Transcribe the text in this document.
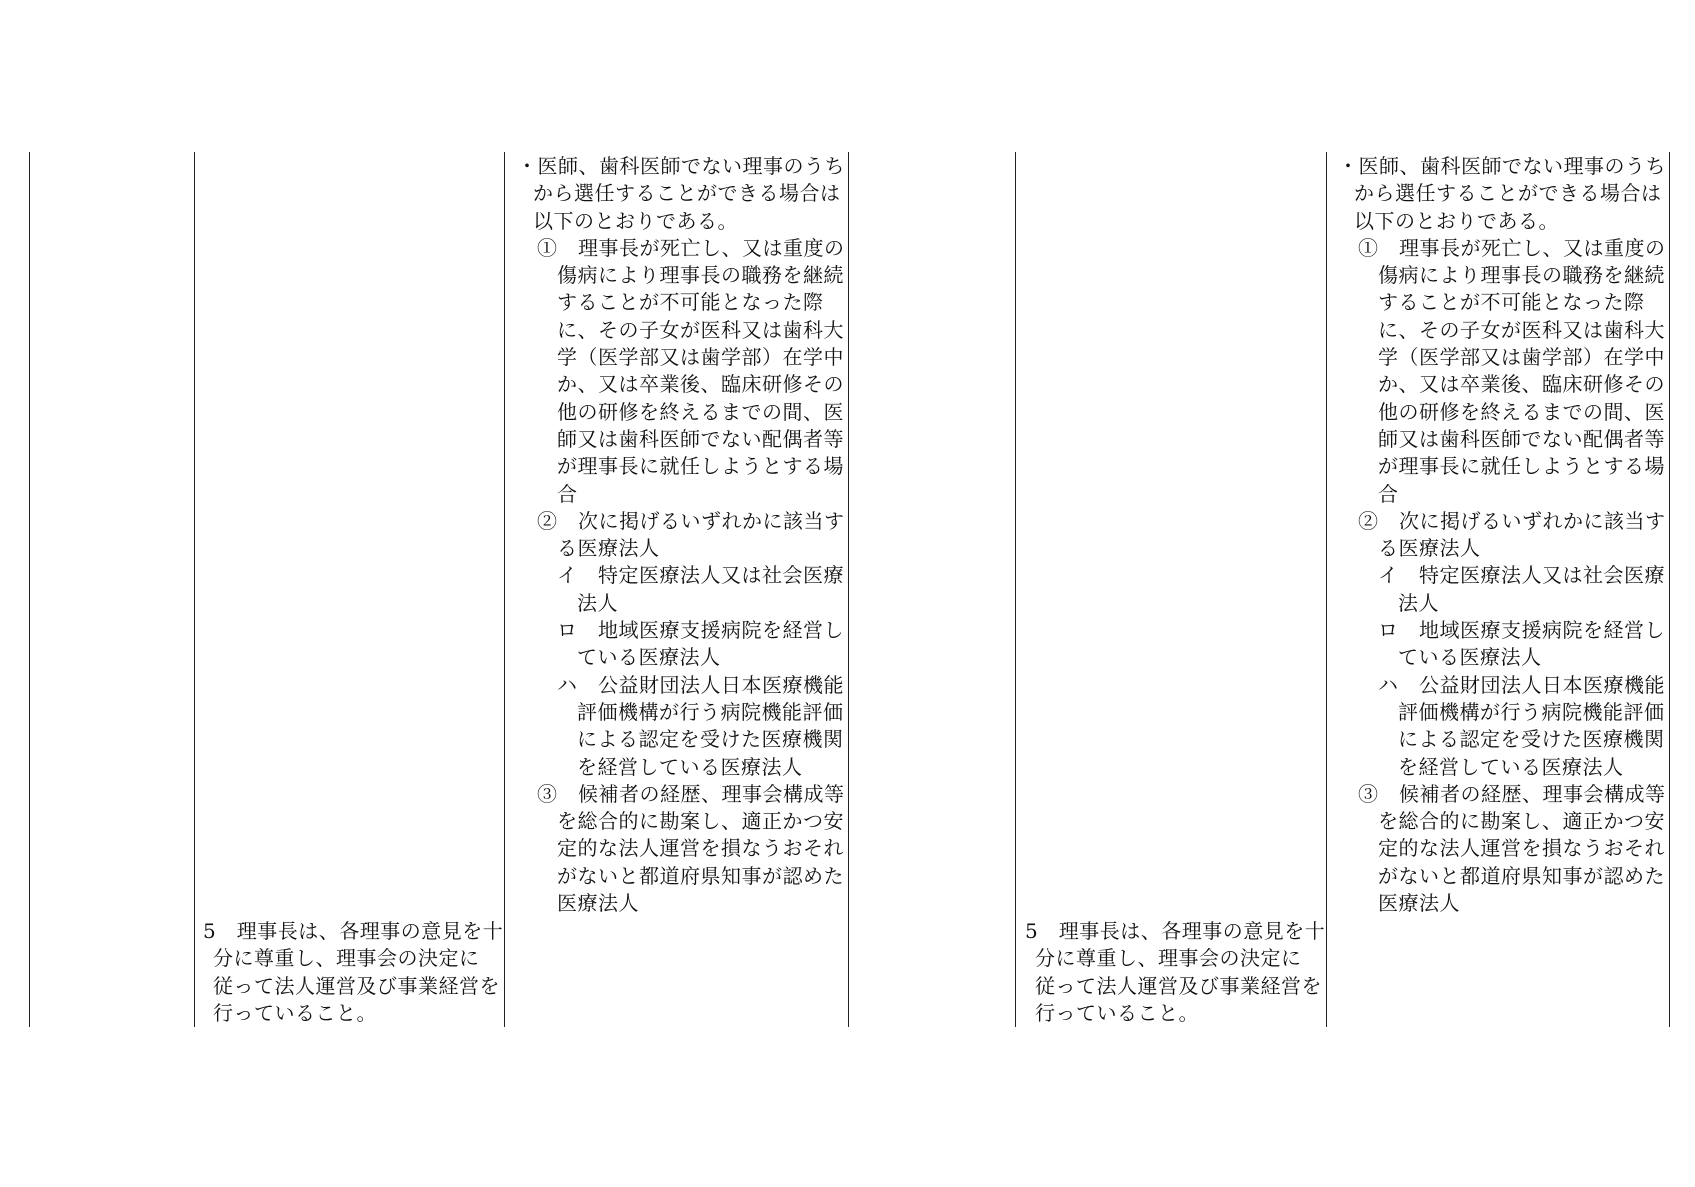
・医師、歯科医師でない理事のうち
から選任することができる場合は
以下のとおりである。
①　理事長が死亡し、又は重度の
傷病により理事長の職務を継続
することが不可能となった際
に、その子女が医科又は歯科大
学（医学部又は歯学部）在学中
か、又は卒業後、臨床研修その
他の研修を終えるまでの間、医
師又は歯科医師でない配偶者等
が理事長に就任しようとする場
合
②　次に掲げるいずれかに該当す
る医療法人
イ　特定医療法人又は社会医療
法人
ロ　地域医療支援病院を経営し
ている医療法人
ハ　公益財団法人日本医療機能
評価機構が行う病院機能評価
による認定を受けた医療機関
を経営している医療法人
③　候補者の経歴、理事会構成等
を総合的に勘案し、適正かつ安
定的な法人運営を損なうおそれ
がないと都道府県知事が認めた
医療法人
5　理事長は、各理事の意見を十
分に尊重し、理事会の決定に
従って法人運営及び事業経営を
行っていること。
・医師、歯科医師でない理事のうち
から選任することができる場合は
以下のとおりである。
①　理事長が死亡し、又は重度の
傷病により理事長の職務を継続
することが不可能となった際
に、その子女が医科又は歯科大
学（医学部又は歯学部）在学中
か、又は卒業後、臨床研修その
他の研修を終えるまでの間、医
師又は歯科医師でない配偶者等
が理事長に就任しようとする場
合
②　次に掲げるいずれかに該当す
る医療法人
イ　特定医療法人又は社会医療
法人
ロ　地域医療支援病院を経営し
ている医療法人
ハ　公益財団法人日本医療機能
評価機構が行う病院機能評価
による認定を受けた医療機関
を経営している医療法人
③　候補者の経歴、理事会構成等
を総合的に勘案し、適正かつ安
定的な法人運営を損なうおそれ
がないと都道府県知事が認めた
医療法人
5　理事長は、各理事の意見を十
分に尊重し、理事会の決定に
従って法人運営及び事業経営を
行っていること。
